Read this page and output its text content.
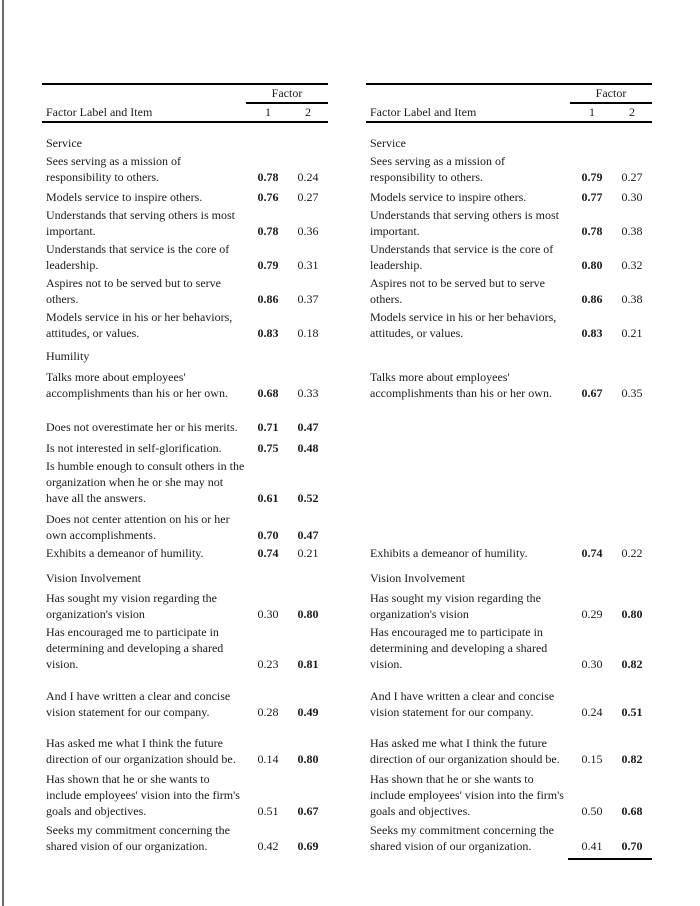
Factor
Factor Label and Item	1	2
Service
Sees serving as a mission of
responsibility to others.	0.78	0.24
Models service to inspire others.	0.76	0.27
Understands that serving others is most
important.	0.78	0.36
Understands that service is the core of
leadership.	0.79	0.31
Aspires not to be served but to serve
others.	0.86	0.37
Models service in his or her behaviors,
attitudes, or values.	0.83	0.18
Humility
Talks more about employees'
accomplishments than his or her own.	0.68	0.33
Does not overestimate her or his merits.	0.71	0.47
Is not interested in self-glorification.	0.75	0.48
Is humble enough to consult others in the
organization when he or she may not
have all the answers.	0.61	0.52
Does not center attention on his or her
own accomplishments.	0.70	0.47
Exhibits a demeanor of humility.	0.74	0.21
Vision Involvement
Has sought my vision regarding the
organization's vision	0.30	0.80
Has encouraged me to participate in
determining and developing a shared
vision.	0.23	0.81
And I have written a clear and concise
vision statement for our company.	0.28	0.49
Has asked me what I think the future
direction of our organization should be.	0.14	0.80
Has shown that he or she wants to
include employees' vision into the firm's
goals and objectives.	0.51	0.67
Seeks my commitment concerning the
shared vision of our organization.	0.42	0.69
Factor
Factor Label and Item	1	2
Service
Sees serving as a mission of
responsibility to others.	0.79	0.27
Models service to inspire others.	0.77	0.30
Understands that serving others is most
important.	0.78	0.38
Understands that service is the core of
leadership.	0.80	0.32
Aspires not to be served but to serve
others.	0.86	0.38
Models service in his or her behaviors,
attitudes, or values.	0.83	0.21
Talks more about employees'
accomplishments than his or her own.	0.67	0.35
Exhibits a demeanor of humility.	0.74	0.22
Vision Involvement
Has sought my vision regarding the
organization's vision	0.29	0.80
Has encouraged me to participate in
determining and developing a shared
vision.	0.30	0.82
And I have written a clear and concise
vision statement for our company.	0.24	0.51
Has asked me what I think the future
direction of our organization should be.	0.15	0.82
Has shown that he or she wants to
include employees' vision into the firm's
goals and objectives.	0.50	0.68
Seeks my commitment concerning the
shared vision of our organization.	0.41	0.70
